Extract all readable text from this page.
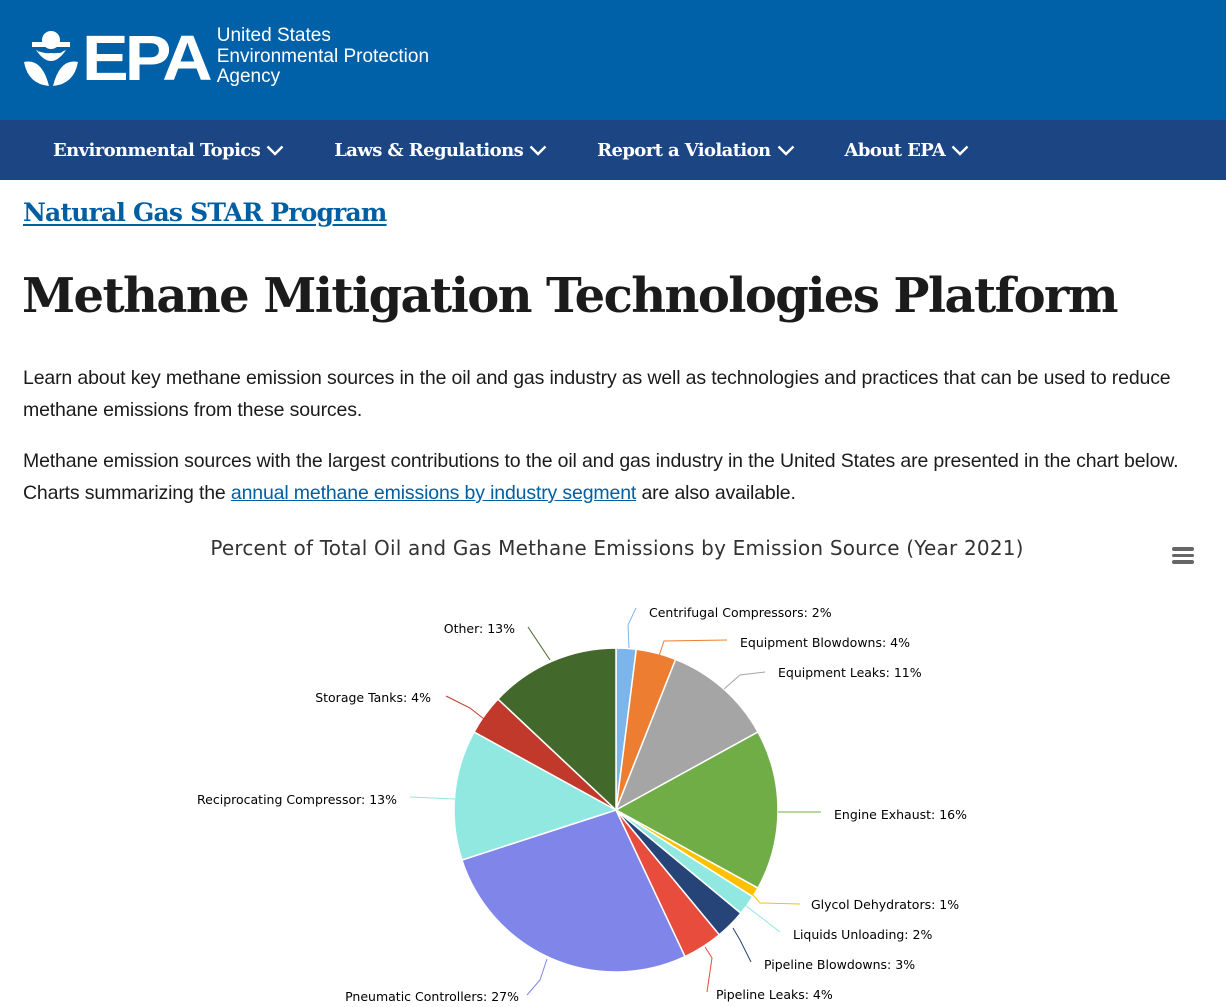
EPA United States
Environmental Protection
Agency
Environmental Topics	Laws & Regulations	Report a Violation	About EPA
Natural Gas STAR Program
Methane Mitigation Technologies Platform

Learn about key methane emission sources in the oil and gas industry as well as technologies and practices that can be used to reduce methane emissions from these sources.

Methane emission sources with the largest contributions to the oil and gas industry in the United States are presented in the chart below. Charts summarizing the annual methane emissions by industry segment are also available.

Percent of Total Oil and Gas Methane Emissions by Emission Source (Year 2021)
Centrifugal Compressors: 2%
Equipment Blowdowns: 4%
Equipment Leaks: 11%
Engine Exhaust: 16%
Glycol Dehydrators: 1%
Liquids Unloading: 2%
Pipeline Blowdowns: 3%
Pipeline Leaks: 4%
Pneumatic Controllers: 27%
Reciprocating Compressor: 13%
Storage Tanks: 4%
Other: 13%
